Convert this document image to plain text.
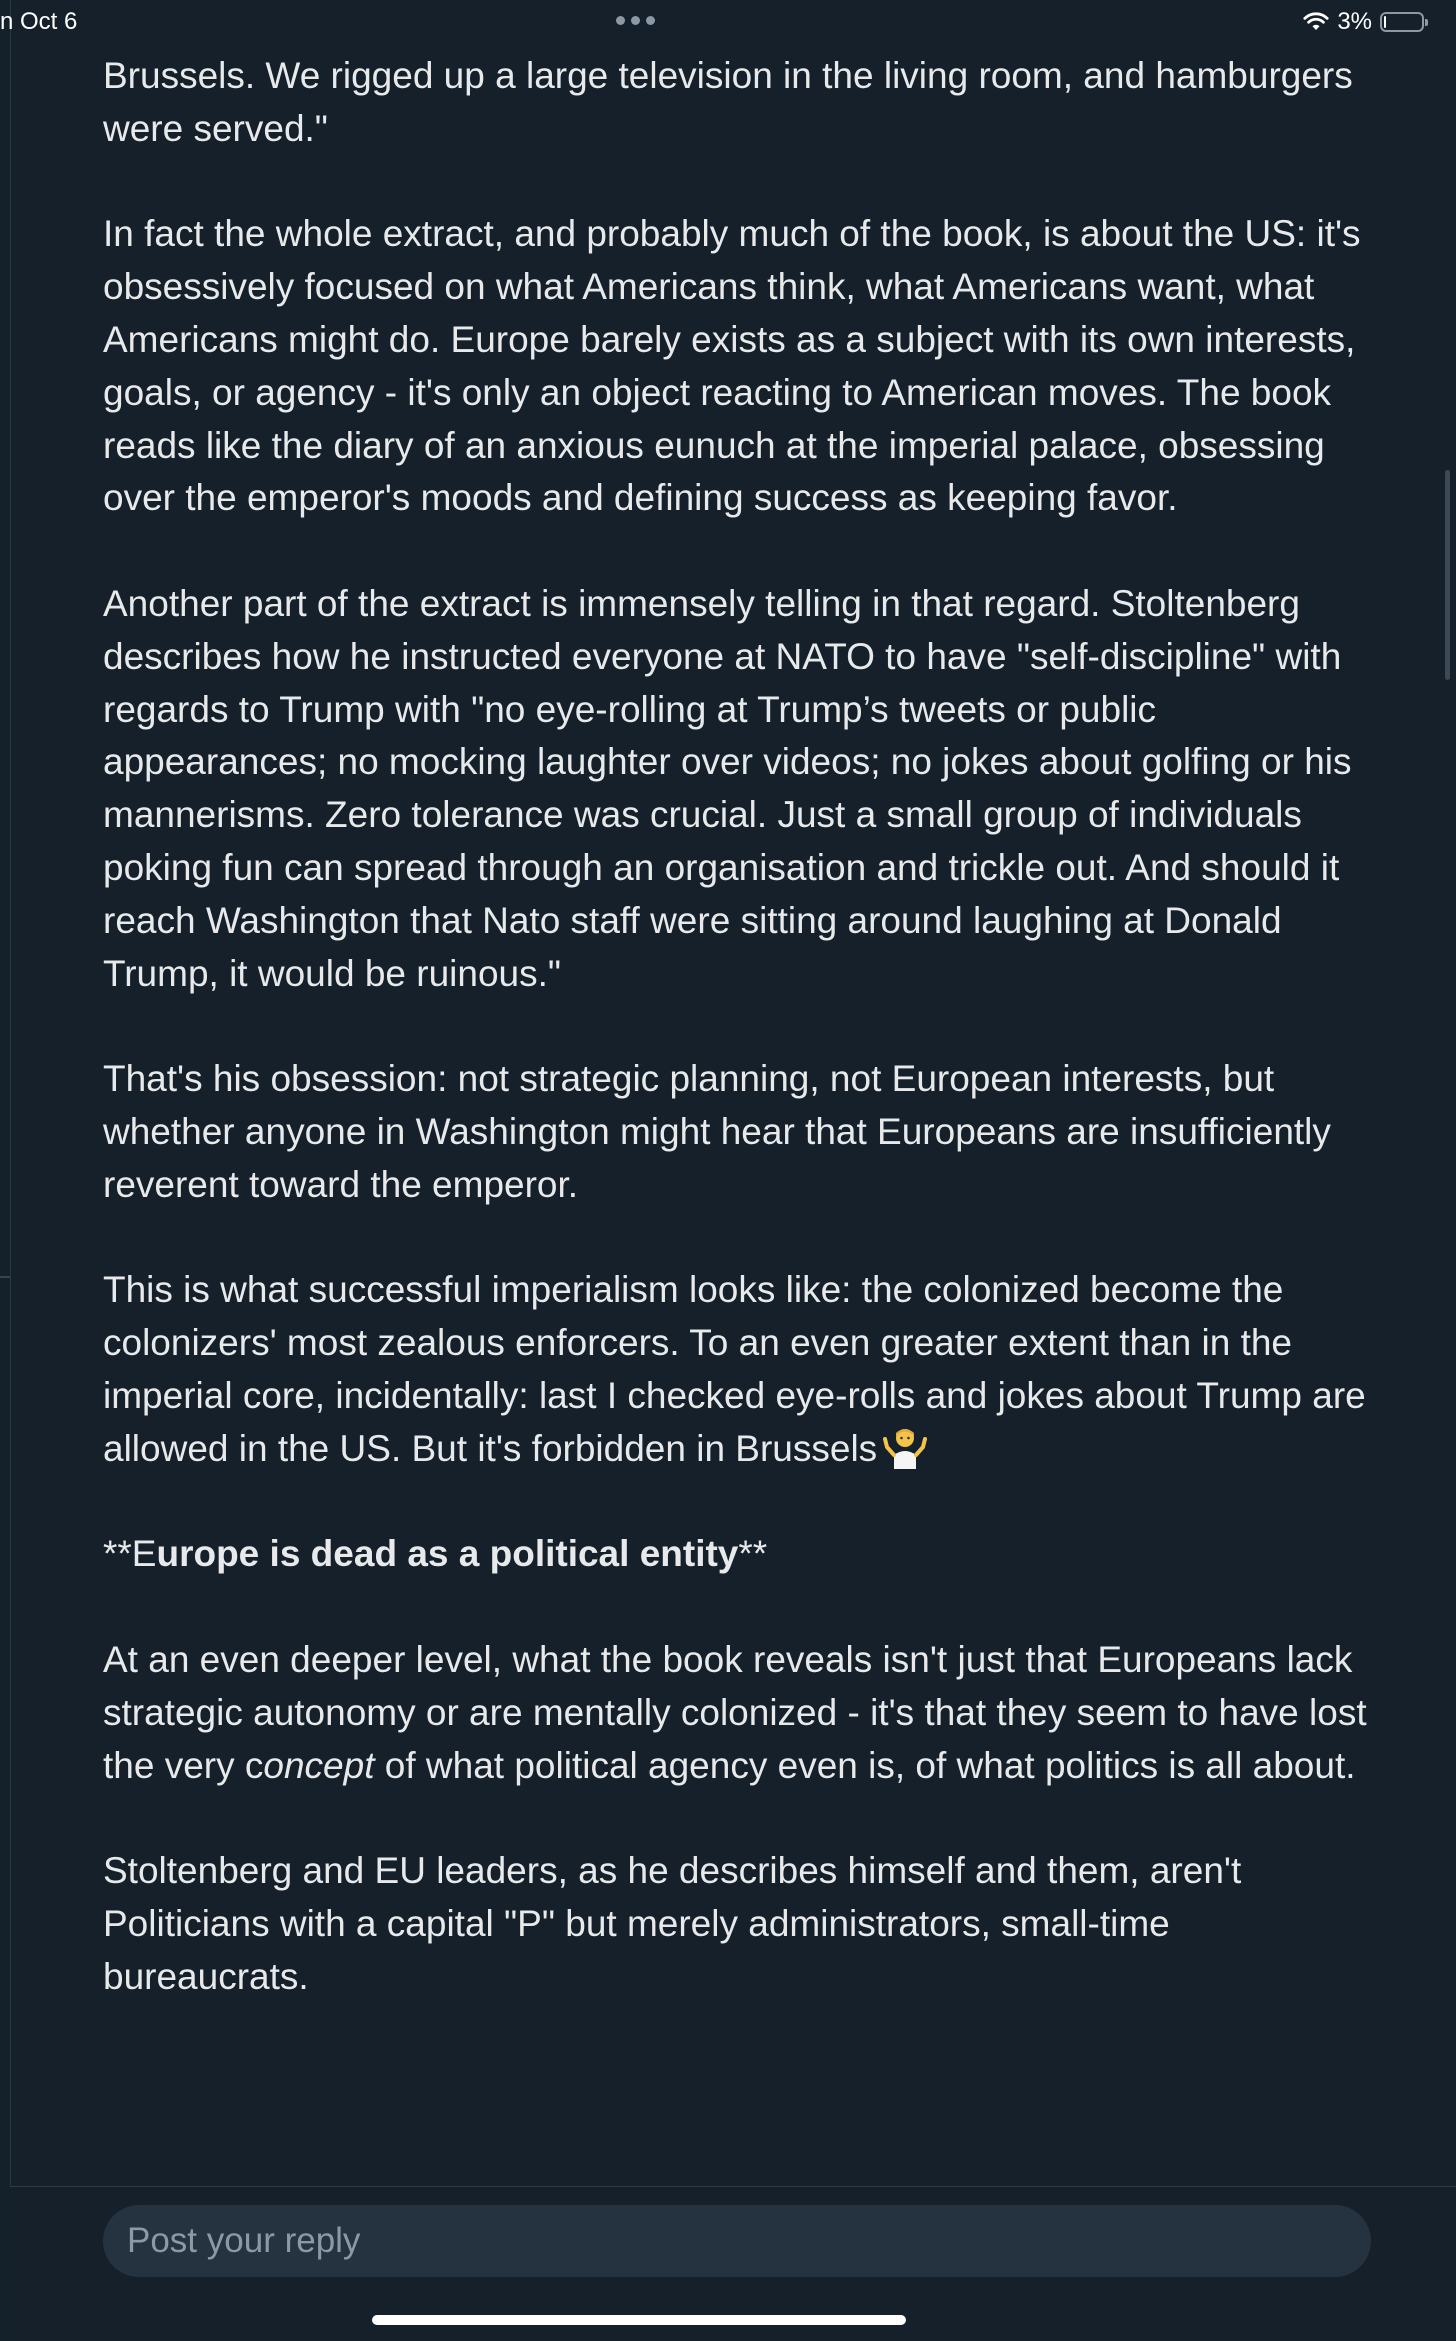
n Oct 6	3%

Brussels. We rigged up a large television in the living room, and hamburgers were served."

In fact the whole extract, and probably much of the book, is about the US: it's obsessively focused on what Americans think, what Americans want, what Americans might do. Europe barely exists as a subject with its own interests, goals, or agency - it's only an object reacting to American moves. The book reads like the diary of an anxious eunuch at the imperial palace, obsessing over the emperor's moods and defining success as keeping favor.

Another part of the extract is immensely telling in that regard. Stoltenberg describes how he instructed everyone at NATO to have "self-discipline" with regards to Trump with "no eye-rolling at Trump’s tweets or public appearances; no mocking laughter over videos; no jokes about golfing or his mannerisms. Zero tolerance was crucial. Just a small group of individuals poking fun can spread through an organisation and trickle out. And should it reach Washington that Nato staff were sitting around laughing at Donald Trump, it would be ruinous."

That's his obsession: not strategic planning, not European interests, but whether anyone in Washington might hear that Europeans are insufficiently reverent toward the emperor.

This is what successful imperialism looks like: the colonized become the colonizers' most zealous enforcers. To an even greater extent than in the imperial core, incidentally: last I checked eye-rolls and jokes about Trump are allowed in the US. But it's forbidden in Brussels

**Europe is dead as a political entity**

At an even deeper level, what the book reveals isn't just that Europeans lack strategic autonomy or are mentally colonized - it's that they seem to have lost the very concept of what political agency even is, of what politics is all about.

Stoltenberg and EU leaders, as he describes himself and them, aren't Politicians with a capital "P" but merely administrators, small-time bureaucrats.

Post your reply
